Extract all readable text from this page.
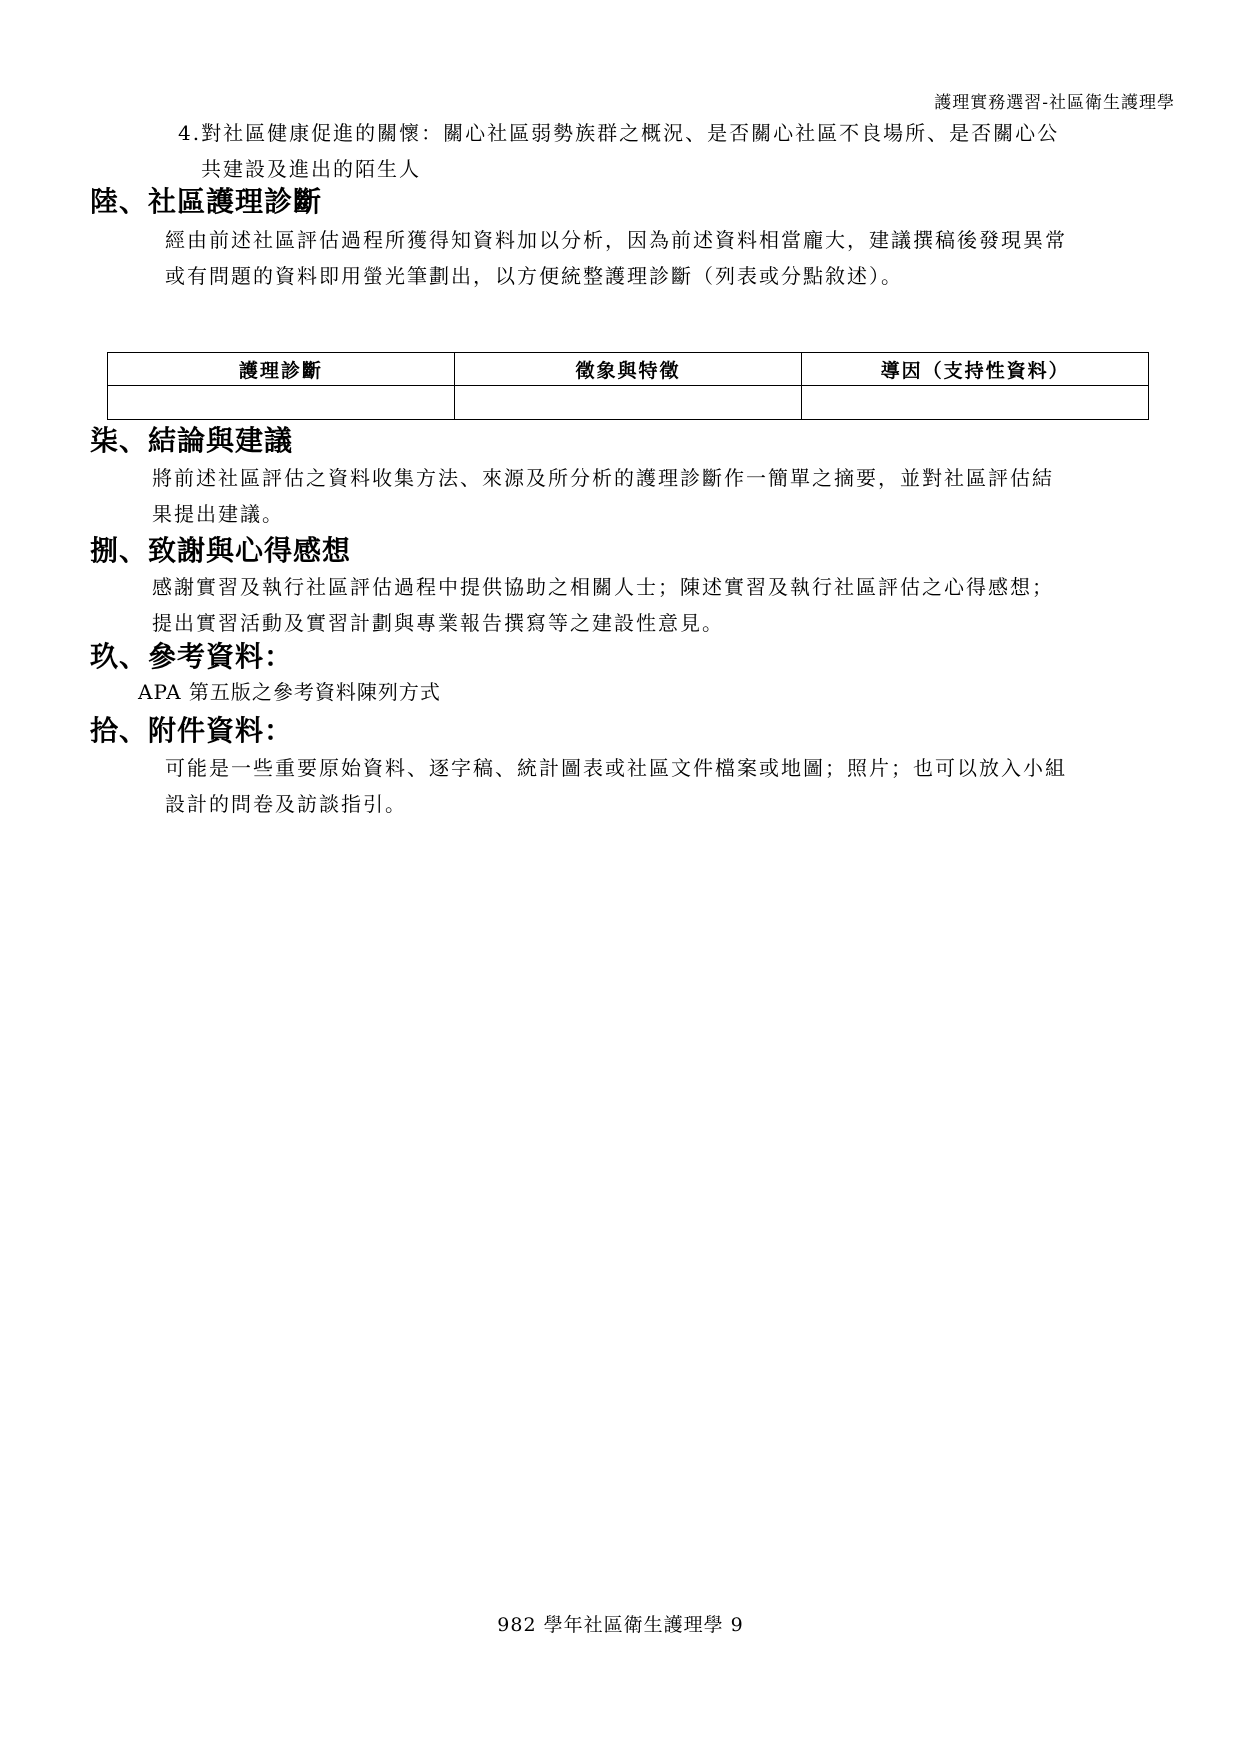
護理實務選習-社區衛生護理學
4.對社區健康促進的關懷：關心社區弱勢族群之概況、是否關心社區不良場所、是否關心公
共建設及進出的陌生人
陸、社區護理診斷
經由前述社區評估過程所獲得知資料加以分析，因為前述資料相當龐大，建議撰稿後發現異常
或有問題的資料即用螢光筆劃出，以方便統整護理診斷（列表或分點敘述）。
護理診斷	徵象與特徵	導因（支持性資料）

柒、結論與建議
將前述社區評估之資料收集方法、來源及所分析的護理診斷作一簡單之摘要，並對社區評估結
果提出建議。
捌、致謝與心得感想
感謝實習及執行社區評估過程中提供協助之相關人士；陳述實習及執行社區評估之心得感想；
提出實習活動及實習計劃與專業報告撰寫等之建設性意見。
玖、參考資料：
APA 第五版之參考資料陳列方式
拾、附件資料：
可能是一些重要原始資料、逐字稿、統計圖表或社區文件檔案或地圖；照片；也可以放入小組
設計的問卷及訪談指引。
982 學年社區衛生護理學 9
